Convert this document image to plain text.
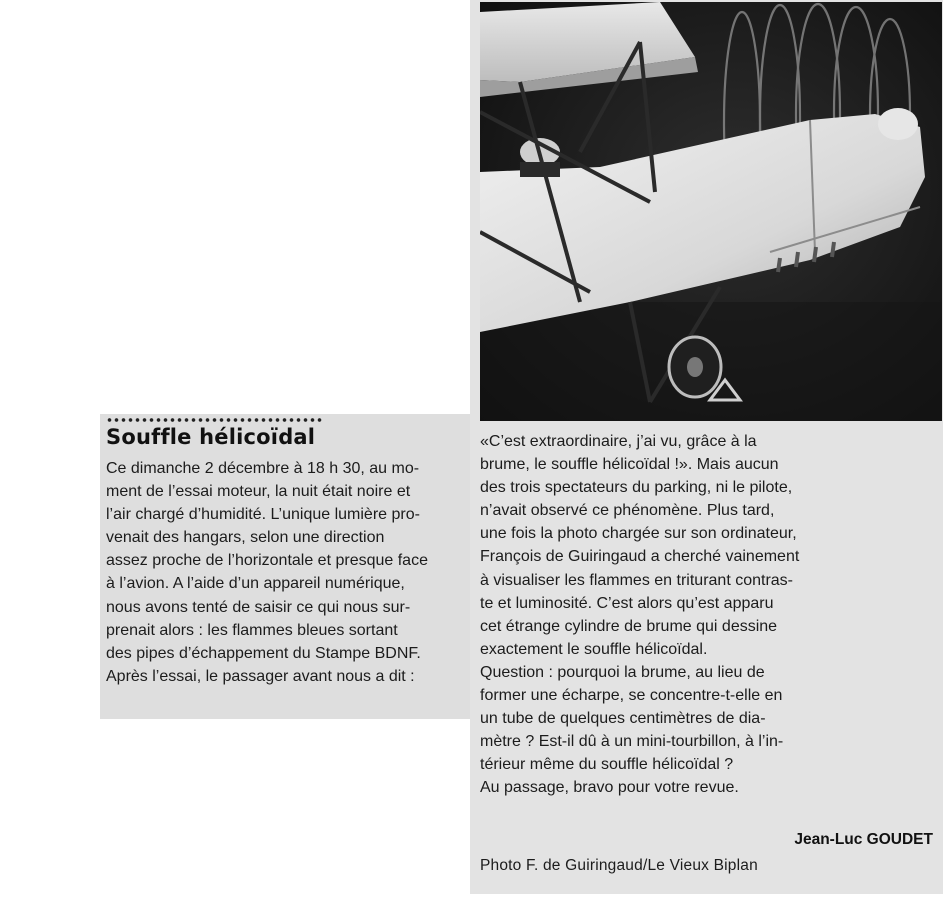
Souffle hélicoïdal

Ce dimanche 2 décembre à 18 h 30, au mo-
ment de l’essai moteur, la nuit était noire et
l’air chargé d’humidité. L’unique lumière pro-
venait des hangars, selon une direction
assez proche de l’horizontale et presque face
à l’avion. A l’aide d’un appareil numérique,
nous avons tenté de saisir ce qui nous sur-
prenait alors : les flammes bleues sortant
des pipes d’échappement du Stampe BDNF.
Après l’essai, le passager avant nous a dit :

«C’est extraordinaire, j’ai vu, grâce à la
brume, le souffle hélicoïdal !». Mais aucun
des trois spectateurs du parking, ni le pilote,
n’avait observé ce phénomène. Plus tard,
une fois la photo chargée sur son ordinateur,
François de Guiringaud a cherché vainement
à visualiser les flammes en triturant contras-
te et luminosité. C’est alors qu’est apparu
cet étrange cylindre de brume qui dessine
exactement le souffle hélicoïdal.
Question : pourquoi la brume, au lieu de
former une écharpe, se concentre-t-elle en
un tube de quelques centimètres de dia-
mètre ? Est-il dû à un mini-tourbillon, à l’in-
térieur même du souffle hélicoïdal ?
Au passage, bravo pour votre revue.

Jean-Luc GOUDET

Photo F. de Guiringaud/Le Vieux Biplan
